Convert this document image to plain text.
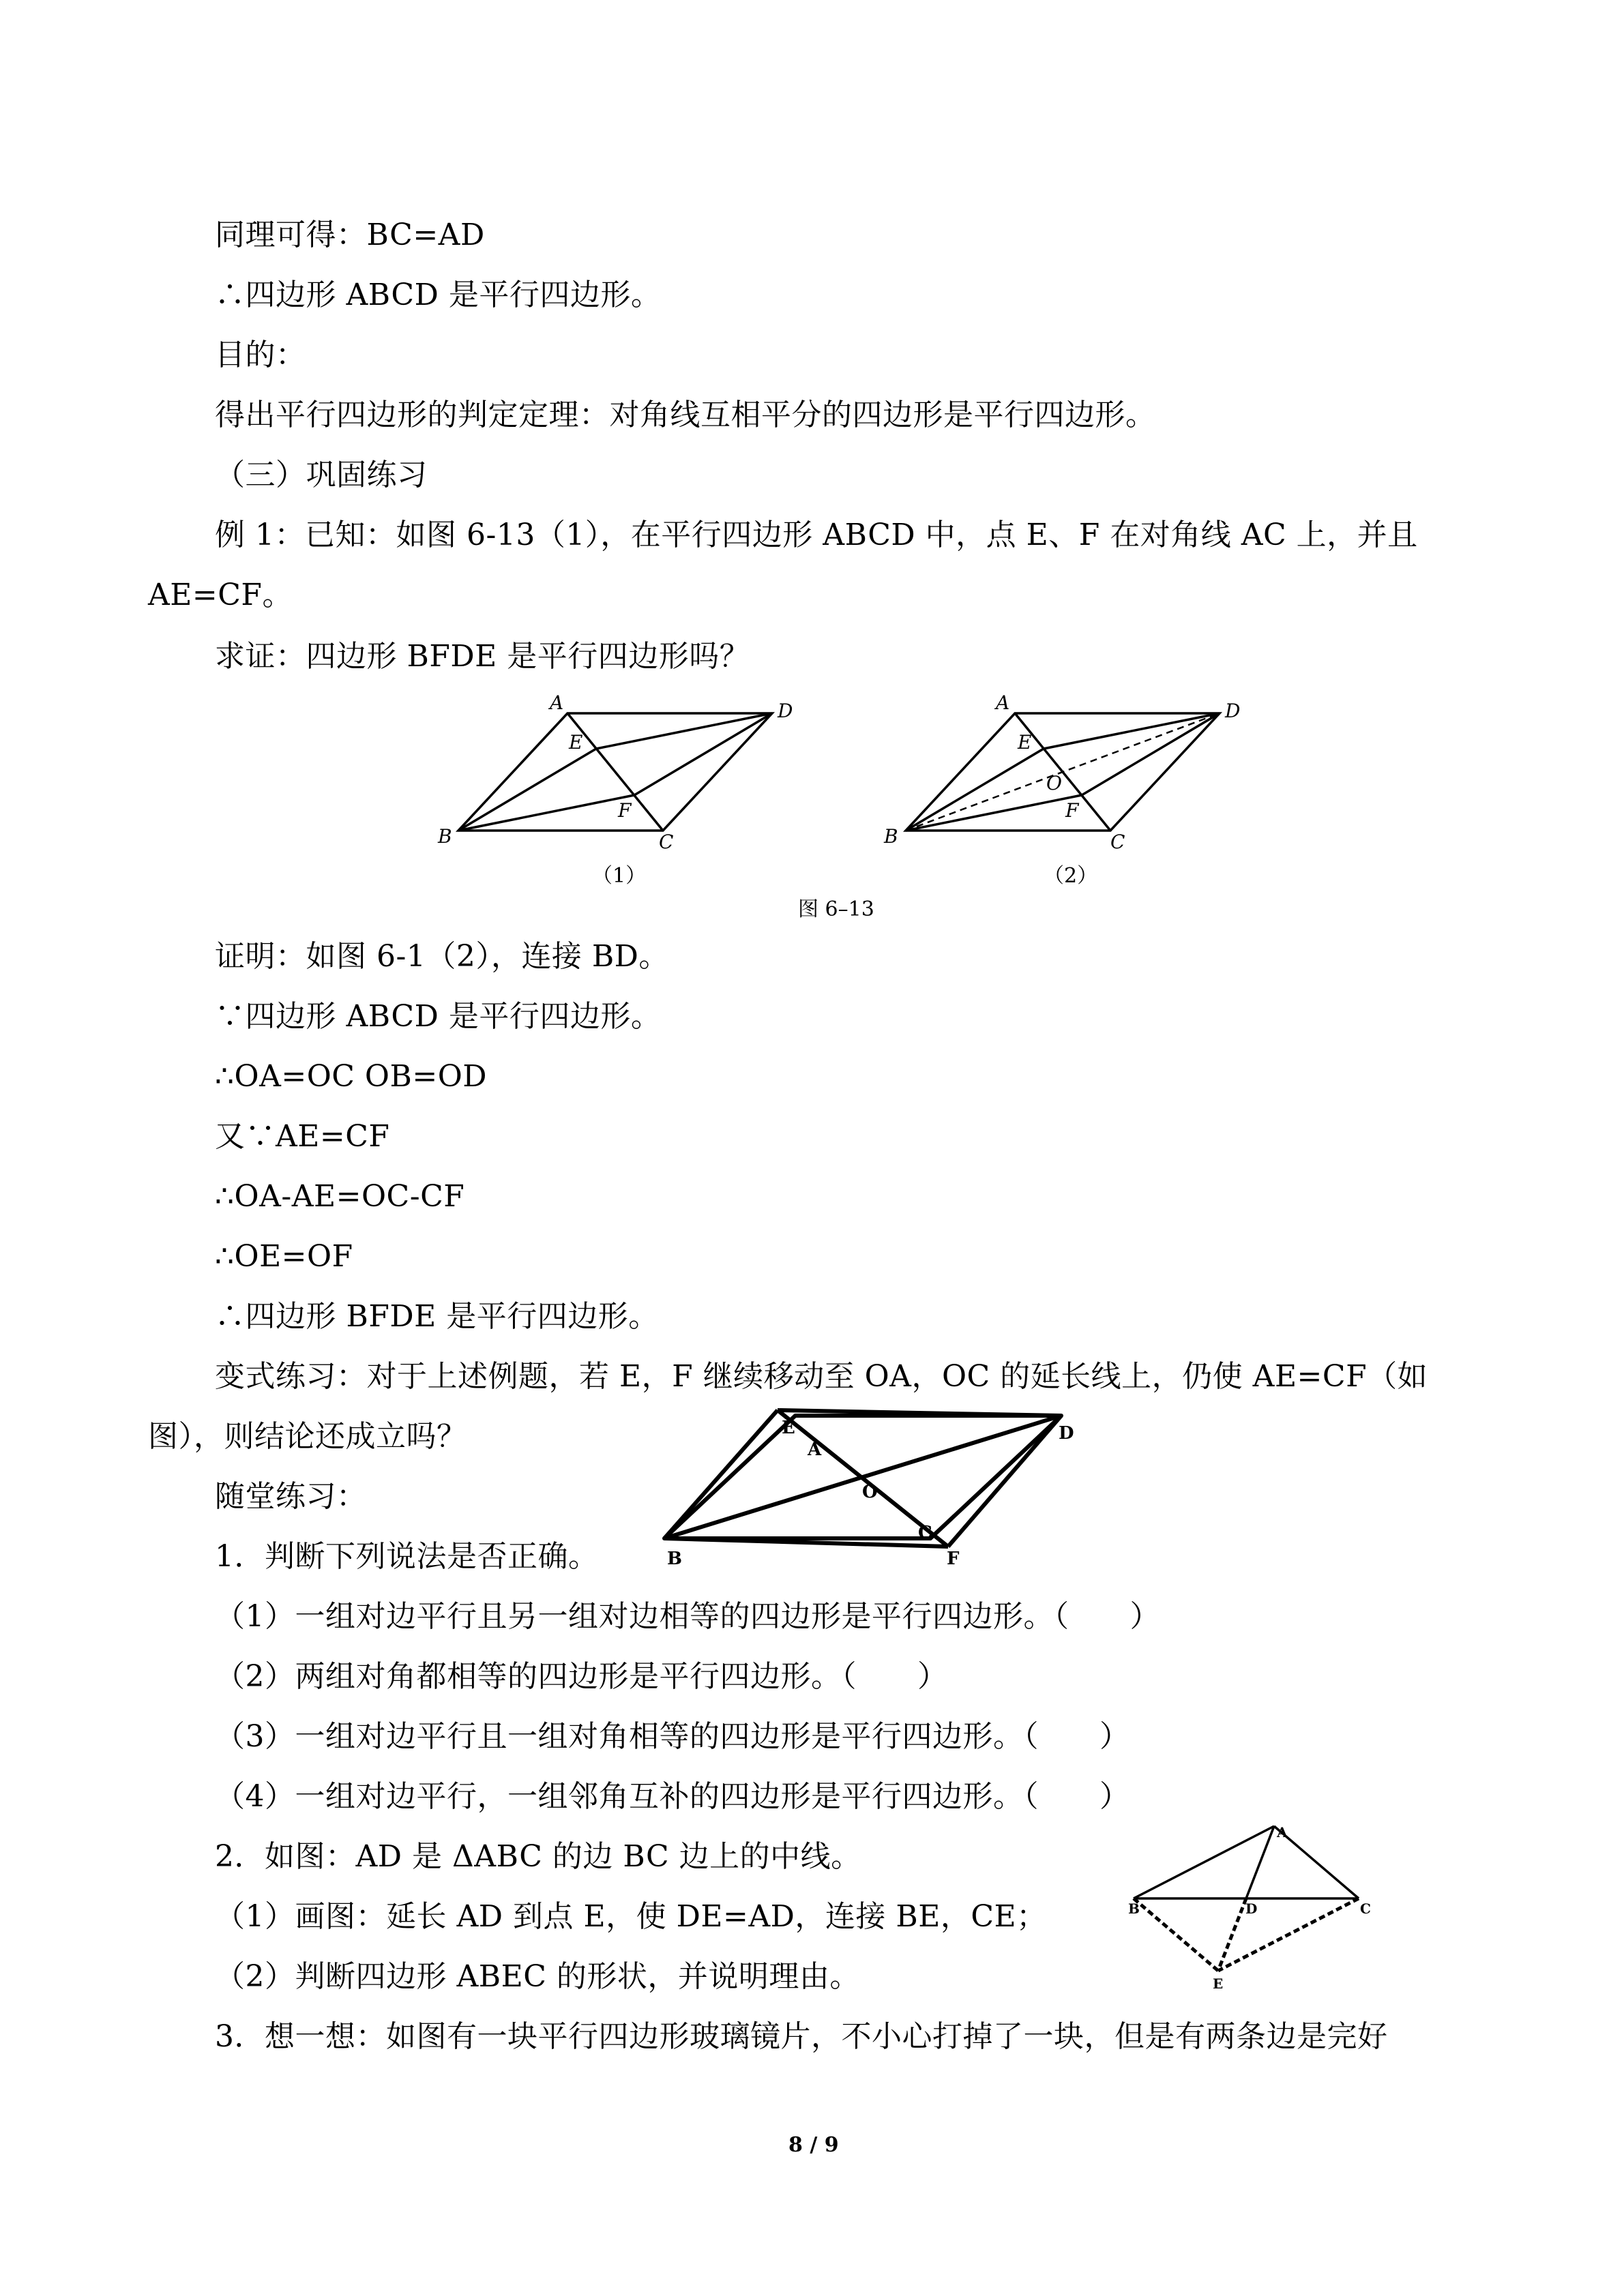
同理可得：BC=AD

∴四边形 ABCD 是平行四边形。

目的：

得出平行四边形的判定定理：对角线互相平分的四边形是平行四边形。

（三）巩固练习

例 1：已知：如图 6-13（1），在平行四边形 ABCD 中，点 E、F 在对角线 AC 上，并且

AE=CF。

求证：四边形 BFDE 是平行四边形吗？

A	D
E
F
B	C
（1）
A	D
E
O
F
B	C
（2）
图 6–13

证明：如图 6-1（2），连接 BD。

∵四边形 ABCD 是平行四边形。

∴OA=OC OB=OD

又∵AE=CF

∴OA-AE=OC-CF

∴OE=OF

∴四边形 BFDE 是平行四边形。

变式练习：对于上述例题，若 E，F 继续移动至 OA，OC 的延长线上，仍使 AE=CF（如

图），则结论还成立吗？	E
A
D
O
B
C
F

随堂练习：

1．判断下列说法是否正确。

（1）一组对边平行且另一组对边相等的四边形是平行四边形。（　　）

（2）两组对角都相等的四边形是平行四边形。（　　）

（3）一组对边平行且一组对角相等的四边形是平行四边形。（　　）

（4）一组对边平行，一组邻角互补的四边形是平行四边形。（　　）

2．如图：AD 是 ΔABC 的边 BC 边上的中线。

（1）画图：延长 AD 到点 E，使 DE=AD，连接 BE，CE；

（2）判断四边形 ABEC 的形状，并说明理由。

3．想一想：如图有一块平行四边形玻璃镜片，不小心打掉了一块，但是有两条边是完好

A
B	D	C
E
8 / 9
